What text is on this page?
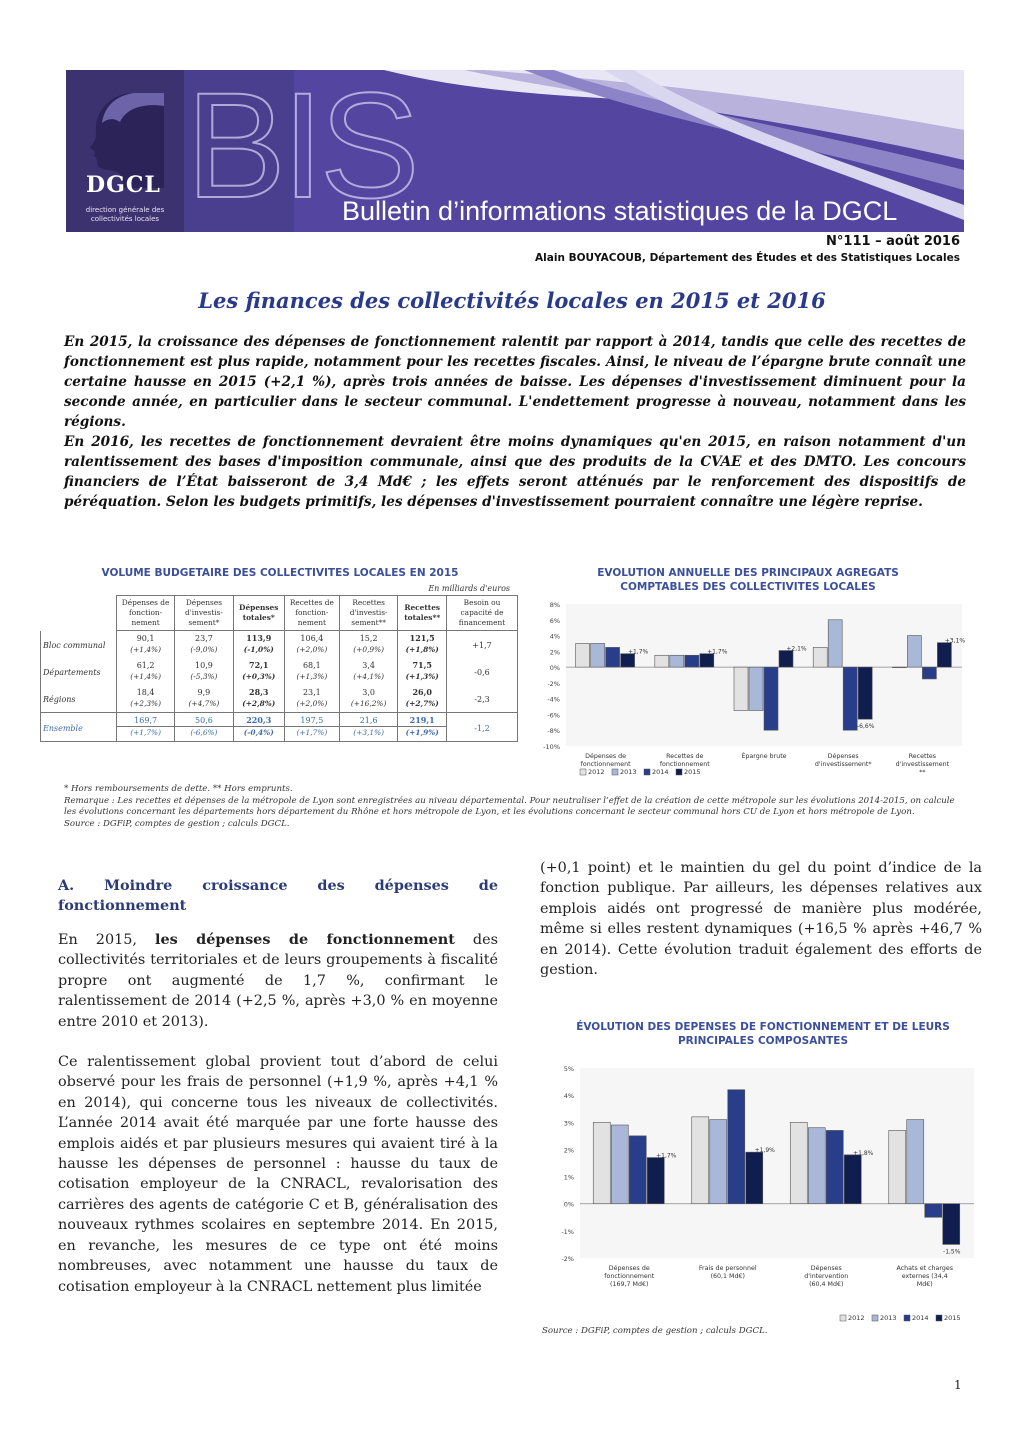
BIS
DGCL
direction générale des collectivités locales	Bulletin d’informations statistiques de la DGCL
N°111 – août 2016
Alain BOUYACOUB, Département des Études et des Statistiques Locales
Les finances des collectivités locales en 2015 et 2016

En 2015, la croissance des dépenses de fonctionnement ralentit par rapport à 2014, tandis que celle des recettes de fonctionnement est plus rapide, notamment pour les recettes fiscales. Ainsi, le niveau de l’épargne brute connaît une certaine hausse en 2015 (+2,1 %), après trois années de baisse. Les dépenses d'investissement diminuent pour la seconde année, en particulier dans le secteur communal. L'endettement progresse à nouveau, notamment dans les régions.

En 2016, les recettes de fonctionnement devraient être moins dynamiques qu'en 2015, en raison notamment d'un ralentissement des bases d'imposition communale, ainsi que des produits de la CVAE et des DMTO. Les concours financiers de l’État baisseront de 3,4 Md€ ; les effets seront atténués par le renforcement des dispositifs de péréquation. Selon les budgets primitifs, les dépenses d'investissement pourraient connaître une légère reprise.

VOLUME BUDGETAIRE DES COLLECTIVITES LOCALES EN 2015
En milliards d'euros
	Dépenses de fonction-nement	Dépenses d'investis-sement*	Dépenses totales*	Recettes de fonction-nement	Recettes d'investis-sement**	Recettes totales**	Besoin ou capacité de financement
Bloc communal	90,1	23,7	113,9	106,4	15,2	121,5	+1,7
	(+1,4%)	(-9,0%)	(-1,0%)	(+2,0%)	(+0,9%)	(+1,8%)	
Départements	61,2	10,9	72,1	68,1	3,4	71,5	-0,6
	(+1,4%)	(-5,3%)	(+0,3%)	(+1,3%)	(+4,1%)	(+1,3%)	
Régions	18,4	9,9	28,3	23,1	3,0	26,0	-2,3
	(+2,3%)	(+4,7%)	(+2,8%)	(+2,0%)	(+16,2%)	(+2,7%)	
Ensemble	169,7	50,6	220,3	197,5	21,6	219,1	-1,2
	(+1,7%)	(-6,6%)	(-0,4%)	(+1,7%)	(+3,1%)	(+1,9%)	
EVOLUTION ANNUELLE DES PRINCIPAUX AGREGATS COMPTABLES DES COLLECTIVITES LOCALES
8%
6%
4%
2%
0%
-2%
-4%
-6%
-8%
-10%
+1,7%
Dépenses de
fonctionnement
+1,7%
Recettes de
fonctionnement
+2,1%
Épargne brute
-6,6%
Dépenses
d'investissement*
+3,1%
Recettes
d'investissement
**
2012 2013 2014 2015

* Hors remboursements de dette. ** Hors emprunts.

Remarque : Les recettes et dépenses de la métropole de Lyon sont enregistrées au niveau départemental. Pour neutraliser l’effet de la création de cette métropole sur les évolutions 2014-2015, on calcule les évolutions concernant les départements hors département du Rhône et hors métropole de Lyon, et les évolutions concernant le secteur communal hors CU de Lyon et hors métropole de Lyon.

Source : DGFiP, comptes de gestion ; calculs DGCL.

A. Moindre croissance des dépenses de fonctionnement

En 2015, les dépenses de fonctionnement des collectivités territoriales et de leurs groupements à fiscalité propre ont augmenté de 1,7 %, confirmant le ralentissement de 2014 (+2,5 %, après +3,0 % en moyenne entre 2010 et 2013).

Ce ralentissement global provient tout d’abord de celui observé pour les frais de personnel (+1,9 %, après +4,1 % en 2014), qui concerne tous les niveaux de collectivités. L’année 2014 avait été marquée par une forte hausse des emplois aidés et par plusieurs mesures qui avaient tiré à la hausse les dépenses de personnel : hausse du taux de cotisation employeur de la CNRACL, revalorisation des carrières des agents de catégorie C et B, généralisation des nouveaux rythmes scolaires en septembre 2014. En 2015, en revanche, les mesures de ce type ont été moins nombreuses, avec notamment une hausse du taux de cotisation employeur à la CNRACL nettement plus limitée

(+0,1 point) et le maintien du gel du point d’indice de la fonction publique. Par ailleurs, les dépenses relatives aux emplois aidés ont progressé de manière plus modérée, même si elles restent dynamiques (+16,5 % après +46,7 % en 2014). Cette évolution traduit également des efforts de gestion.

ÉVOLUTION DES DEPENSES DE FONCTIONNEMENT ET DE LEURS PRINCIPALES COMPOSANTES
5%
4%
3%
2%
1%
0%
-1%
-2%
+1,7%
Dépenses de
fonctionnement
(169,7 Md€)
+1,9%
Frais de personnel
(60,1 Md€)
+1,8%
Dépenses
d'intervention
(60,4 Md€)
-1,5%
Achats et charges
externes (34,4
Md€)
2012 2013 2014 2015
Source : DGFiP, comptes de gestion ; calculs DGCL.
1
